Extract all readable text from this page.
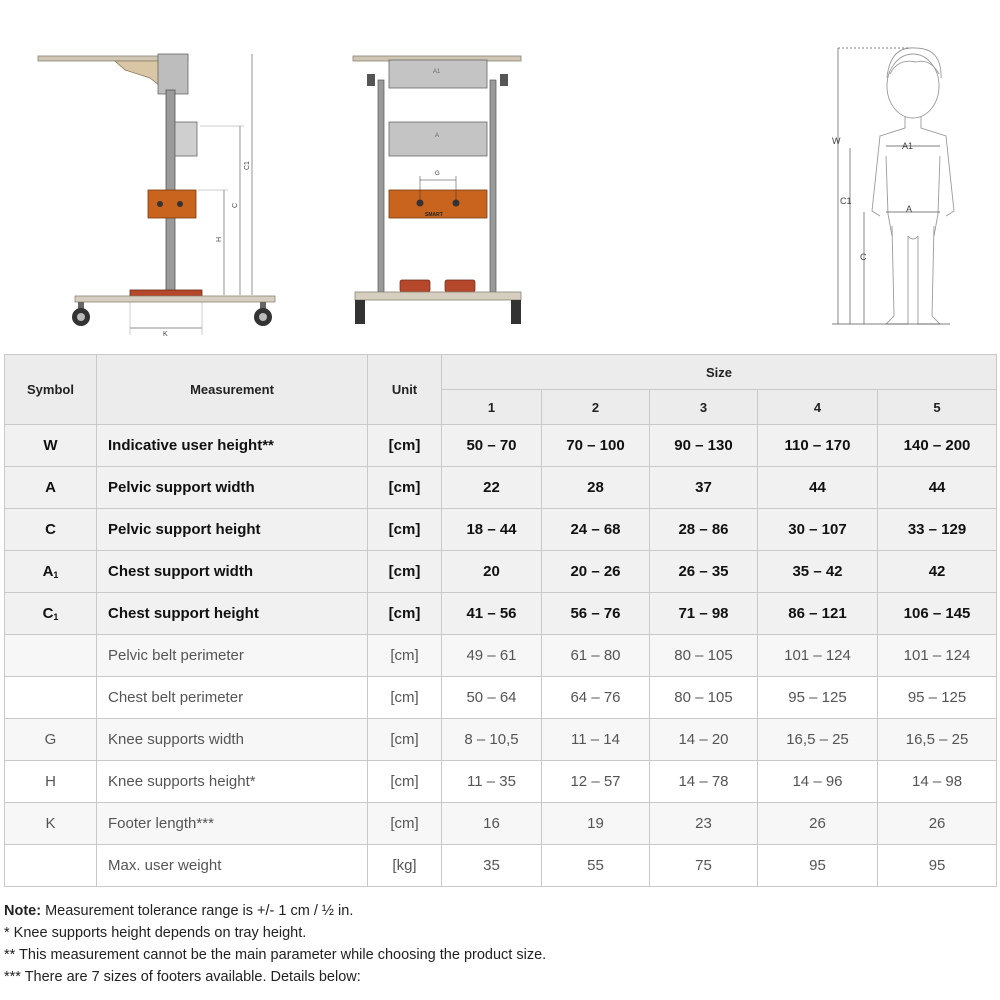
C1
C
H
K
A1
A
G
SMART
W	A1
C1
A
C
Symbol	Measurement	Unit	Size				
			1	2	3	4	5
W	Indicative user height**	[cm]	50 – 70	70 – 100	90 – 130	110 – 170	140 – 200
A	Pelvic support width	[cm]	22	28	37	44	44
C	Pelvic support height	[cm]	18 – 44	24 – 68	28 – 86	30 – 107	33 – 129
$A_1$	Chest support width	[cm]	20	20 – 26	26 – 35	35 – 42	42
$C_1$	Chest support height	[cm]	41 – 56	56 – 76	71 – 98	86 – 121	106 – 145
	Pelvic belt perimeter	[cm]	49 – 61	61 – 80	80 – 105	101 – 124	101 – 124
	Chest belt perimeter	[cm]	50 – 64	64 – 76	80 – 105	95 – 125	95 – 125
G	Knee supports width	[cm]	8 – 10,5	11 – 14	14 – 20	16,5 – 25	16,5 – 25
H	Knee supports height*	[cm]	11 – 35	12 – 57	14 – 78	14 – 96	14 – 98
K	Footer length***	[cm]	16	19	23	26	26
	Max. user weight	[kg]	35	55	75	95	95

Note: Measurement tolerance range is +/- 1 cm / ½ in.

* Knee supports height depends on tray height.

** This measurement cannot be the main parameter while choosing the product size.

*** There are 7 sizes of footers available. Details below:
